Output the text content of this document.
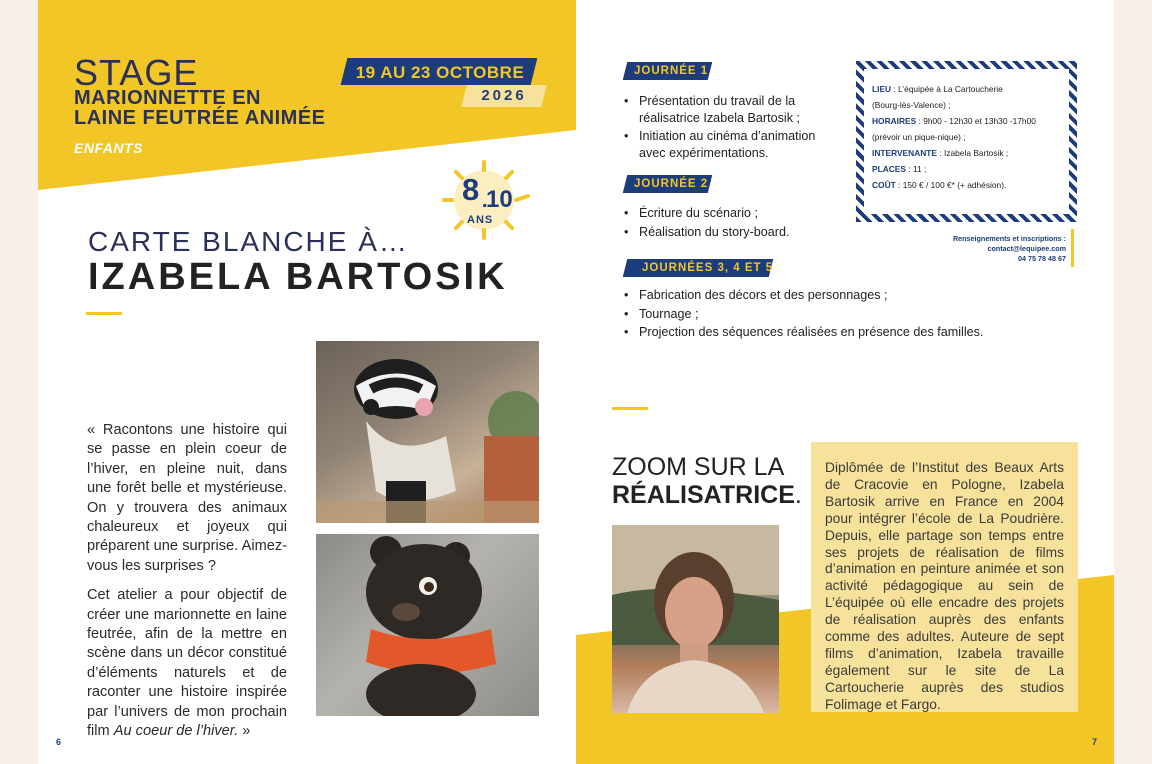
STAGE
MARIONNETTE EN
LAINE FEUTRÉE ANIMÉE
ENFANTS
19 AU 23 OCTOBRE
2026
8 .
10
ANS
CARTE BLANCHE À…
IZABELA BARTOSIK

« Racontons une histoire qui se passe en plein coeur de l’hiver, en pleine nuit, dans une forêt belle et mystérieuse. On y trouvera des animaux chaleureux et joyeux qui préparent une surprise. Aimez-vous les surprises ?

Cet atelier a pour objectif de créer une marionnette en laine feutrée, afin de la mettre en scène dans un décor constitué d’éléments naturels et de raconter une histoire inspirée par l’univers de mon prochain film Au coeur de l’hiver. »

6
JOURNÉE 1
• Présentation du travail de la réalisatrice Izabela Bartosik ;
• Initiation au cinéma d’animation avec expérimentations.
JOURNÉE 2
• Écriture du scénario ;
• Réalisation du story-board.
JOURNÉES 3, 4 ET 5
• Fabrication des décors et des personnages ;
• Tournage ;
• Projection des séquences réalisées en présence des familles.
LIEU : L’équipée à La Cartoucherie
(Bourg-lès-Valence) ;
HORAIRES : 9h00 - 12h30 et 13h30 -17h00
(prévoir un pique-nique) ;
INTERVENANTE : Izabela Bartosik ;
PLACES : 11 ;
COÛT : 150 € / 100 €* (+ adhésion).
Renseignements et inscriptions :
contact@lequipee.com
04 75 78 48 67
ZOOM SUR LA
RÉALISATRICE.

Diplômée de l’Institut des Beaux Arts de Cracovie en Pologne, Izabela Bartosik arrive en France en 2004 pour intégrer l’école de La Poudrière. Depuis, elle partage son temps entre ses projets de réalisation de films d’animation en peinture animée et son activité pédagogique au sein de L’équipée où elle encadre des projets de réalisation auprès des enfants comme des adultes. Auteure de sept films d’animation, Izabela travaille également sur le site de La Cartoucherie auprès des studios Folimage et Fargo.

7
